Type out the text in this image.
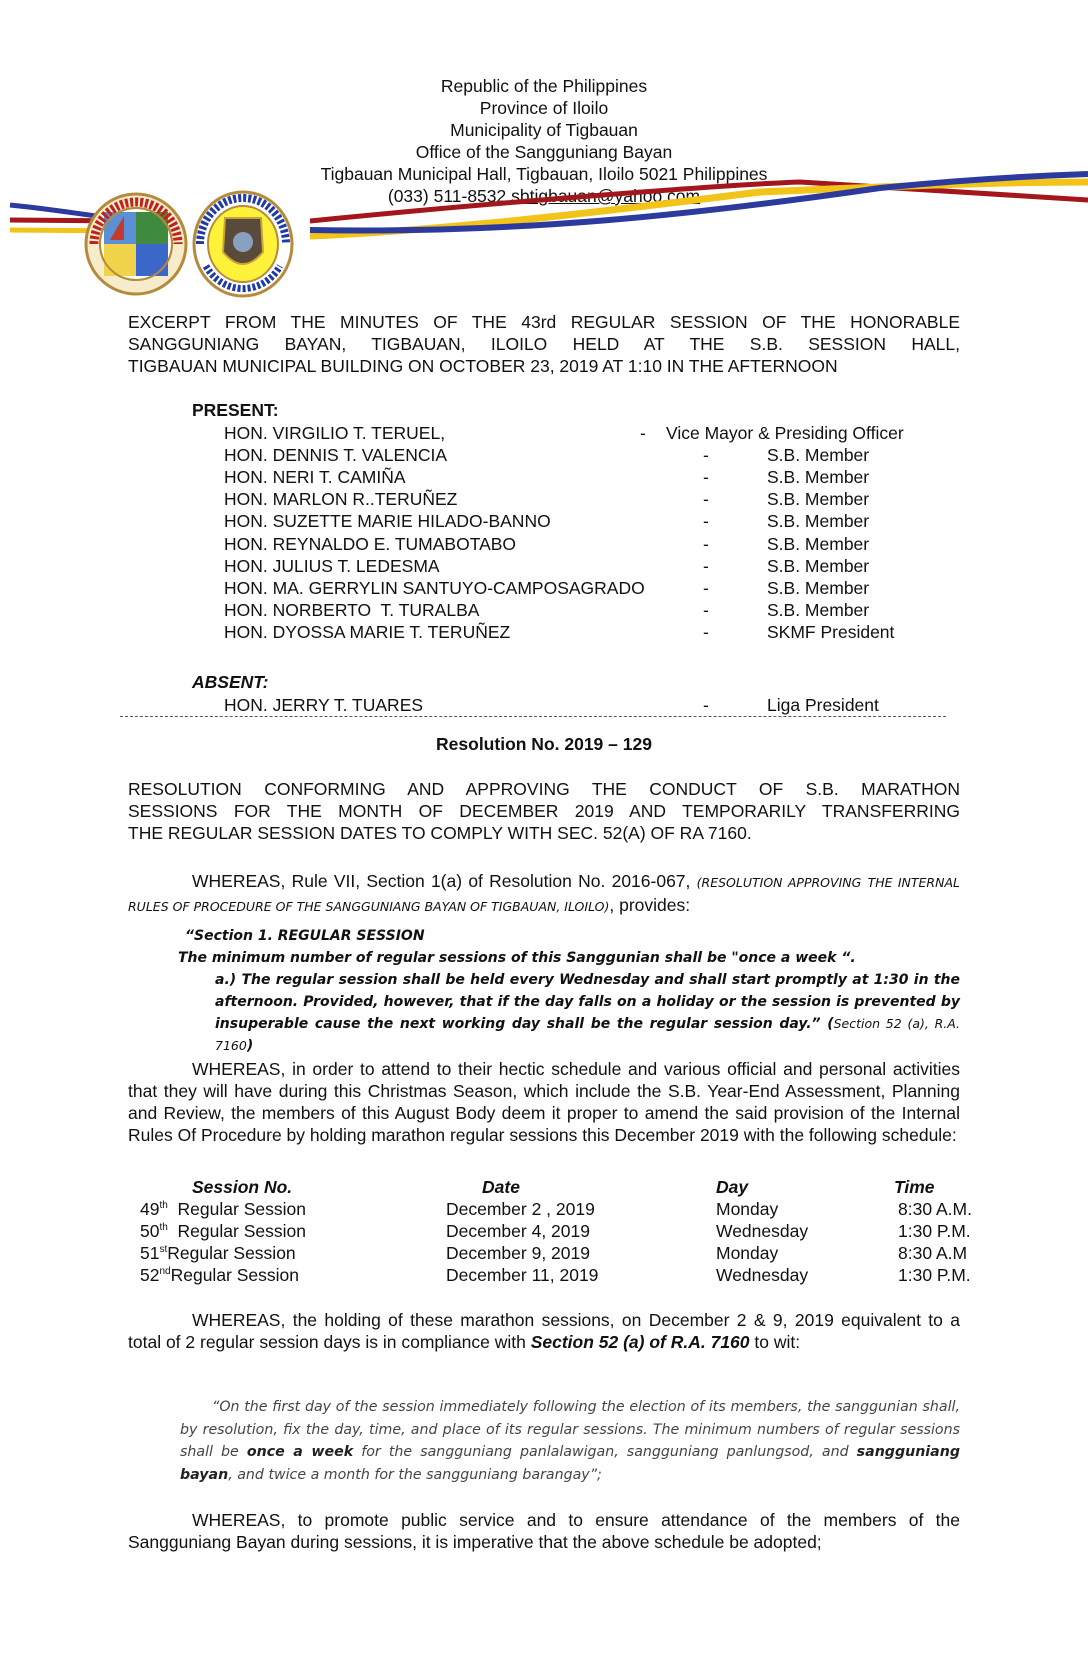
Republic of the Philippines
Province of Iloilo
Municipality of Tigbauan
Office of the Sangguniang Bayan
Tigbauan Municipal Hall, Tigbauan, Iloilo 5021 Philippines
(033) 511-8532 sbtigbauan@yahoo.com
EXCERPT FROM THE MINUTES OF THE 43rd REGULAR SESSION OF THE HONORABLE
SANGGUNIANG BAYAN, TIGBAUAN, ILOILO HELD AT THE S.B. SESSION HALL,
TIGBAUAN MUNICIPAL BUILDING ON OCTOBER 23, 2019 AT 1:10 IN THE AFTERNOON
PRESENT:
HON. VIRGILIO T. TERUEL,	- Vice Mayor & Presiding Officer
HON. DENNIS T. VALENCIA	-	S.B. Member
HON. NERI T. CAMIÑA	-	S.B. Member
HON. MARLON R..TERUÑEZ	-	S.B. Member
HON. SUZETTE MARIE HILADO-BANNO	-	S.B. Member
HON. REYNALDO E. TUMABOTABO	-	S.B. Member
HON. JULIUS T. LEDESMA	-	S.B. Member
HON. MA. GERRYLIN SANTUYO-CAMPOSAGRADO	-	S.B. Member
HON. NORBERTO  T. TURALBA	-	S.B. Member
HON. DYOSSA MARIE T. TERUÑEZ	-	SKMF President
ABSENT:
HON. JERRY T. TUARES	-	Liga President
Resolution No. 2019 – 129
RESOLUTION CONFORMING AND APPROVING THE CONDUCT OF S.B. MARATHON
SESSIONS FOR THE MONTH OF DECEMBER 2019 AND TEMPORARILY TRANSFERRING
THE REGULAR SESSION DATES TO COMPLY WITH SEC. 52(A) OF RA 7160.
WHEREAS, Rule VII, Section 1(a) of Resolution No. 2016-067, (RESOLUTION APPROVING THE INTERNAL RULES OF PROCEDURE OF THE SANGGUNIANG BAYAN OF TIGBAUAN, ILOILO), provides:
“Section 1. REGULAR SESSION
The minimum number of regular sessions of this Sanggunian shall be "once a week “.
a.) The regular session shall be held every Wednesday and shall start promptly at 1:30 in the afternoon. Provided, however, that if the day falls on a holiday or the session is prevented by insuperable cause the next working day shall be the regular session day.” (Section 52 (a), R.A. 7160)
WHEREAS, in order to attend to their hectic schedule and various official and personal activities that they will have during this Christmas Season, which include the S.B. Year-End Assessment, Planning and Review, the members of this August Body deem it proper to amend the said provision of the Internal Rules Of Procedure by holding marathon regular sessions this December 2019 with the following schedule:
Session No.	Date	Day	Time
49th Regular Session	December 2 , 2019	Monday	8:30 A.M.
50th Regular Session	December 4, 2019	Wednesday	1:30 P.M.
51stRegular Session	December 9, 2019	Monday	8:30 A.M
52ndRegular Session	December 11, 2019	Wednesday	1:30 P.M.
WHEREAS, the holding of these marathon sessions, on December 2 & 9, 2019 equivalent to a total of 2 regular session days is in compliance with Section 52 (a) of R.A. 7160 to wit:
“On the first day of the session immediately following the election of its members, the sanggunian shall, by resolution, fix the day, time, and place of its regular sessions. The minimum numbers of regular sessions shall be once a week for the sangguniang panlalawigan, sangguniang panlungsod, and sangguniang bayan, and twice a month for the sangguniang barangay”;
WHEREAS, to promote public service and to ensure attendance of the members of the Sangguniang Bayan during sessions, it is imperative that the above schedule be adopted;
